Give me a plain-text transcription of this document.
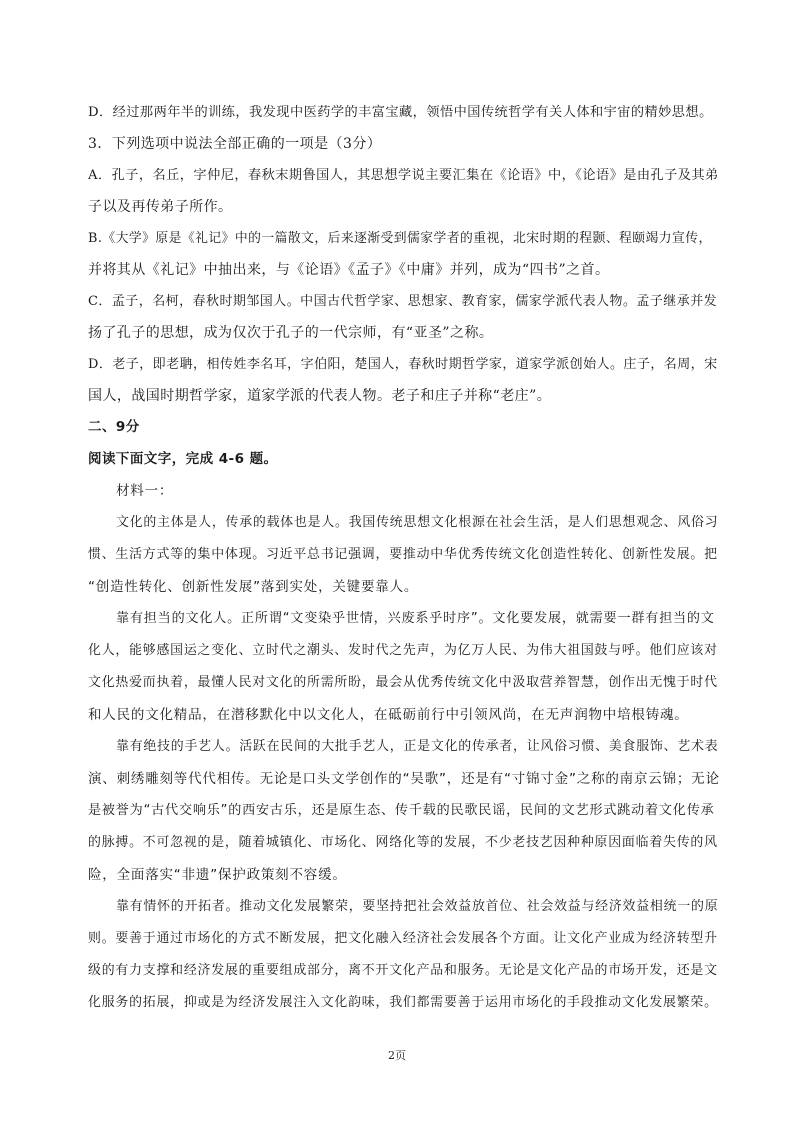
D．经过那两年半的训练，我发现中医药学的丰富宝藏，领悟中国传统哲学有关人体和宇宙的精妙思想。
3．下列选项中说法全部正确的一项是（3分）
A．孔子，名丘，字仲尼，春秋末期鲁国人，其思想学说主要汇集在《论语》中，《论语》是由孔子及其弟
子以及再传弟子所作。
B.《大学》原是《礼记》中的一篇散文，后来逐渐受到儒家学者的重视，北宋时期的程颢、程颐竭力宣传，
并将其从《礼记》中抽出来，与《论语》《孟子》《中庸》并列，成为“四书”之首。
C．孟子，名柯，春秋时期邹国人。中国古代哲学家、思想家、教育家，儒家学派代表人物。孟子继承并发
扬了孔子的思想，成为仅次于孔子的一代宗师，有“亚圣”之称。
D．老子，即老聃，相传姓李名耳，字伯阳，楚国人，春秋时期哲学家，道家学派创始人。庄子，名周，宋
国人，战国时期哲学家，道家学派的代表人物。老子和庄子并称“老庄”。
二、9分
阅读下面文字，完成 4-6 题。
材料一：
文化的主体是人，传承的载体也是人。我国传统思想文化根源在社会生活，是人们思想观念、风俗习
惯、生活方式等的集中体现。习近平总书记强调，要推动中华优秀传统文化创造性转化、创新性发展。把
“创造性转化、创新性发展”落到实处，关键要靠人。
靠有担当的文化人。正所谓“文变染乎世情，兴废系乎时序”。文化要发展，就需要一群有担当的文
化人，能够感国运之变化、立时代之潮头、发时代之先声，为亿万人民、为伟大祖国鼓与呼。他们应该对
文化热爱而执着，最懂人民对文化的所需所盼，最会从优秀传统文化中汲取营养智慧，创作出无愧于时代
和人民的文化精品，在潜移默化中以文化人，在砥砺前行中引领风尚，在无声润物中培根铸魂。
靠有绝技的手艺人。活跃在民间的大批手艺人，正是文化的传承者，让风俗习惯、美食服饰、艺术表
演、刺绣雕刻等代代相传。无论是口头文学创作的“吴歌”，还是有“寸锦寸金”之称的南京云锦；无论
是被誉为“古代交响乐”的西安古乐，还是原生态、传千载的民歌民谣，民间的文艺形式跳动着文化传承
的脉搏。不可忽视的是，随着城镇化、市场化、网络化等的发展，不少老技艺因种种原因面临着失传的风
险，全面落实“非遗”保护政策刻不容缓。
靠有情怀的开拓者。推动文化发展繁荣，要坚持把社会效益放首位、社会效益与经济效益相统一的原
则。要善于通过市场化的方式不断发展，把文化融入经济社会发展各个方面。让文化产业成为经济转型升
级的有力支撑和经济发展的重要组成部分，离不开文化产品和服务。无论是文化产品的市场开发，还是文
化服务的拓展，抑或是为经济发展注入文化韵味，我们都需要善于运用市场化的手段推动文化发展繁荣。
2页
